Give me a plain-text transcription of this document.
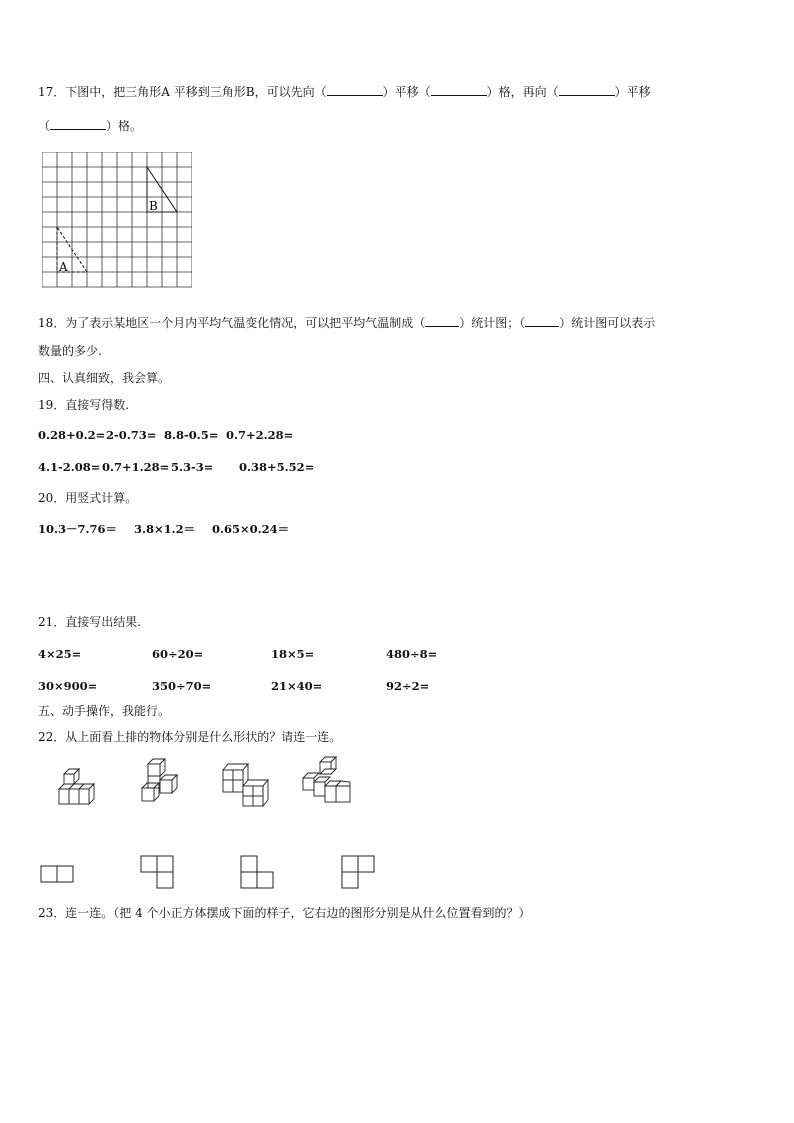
17．下图中，把三角形A 平移到三角形B，可以先向（	）平移（	）格，再向（	）平移
（	）格。
B
A
18．为了表示某地区一个月内平均气温变化情况，可以把平均气温制成（	）统计图；（	）统计图可以表示
数量的多少.
四、认真细致，我会算。
19．直接写得数.
0.28+0.2= 2-0.73= 8.8-0.5= 0.7+2.28=
4.1-2.08= 0.7+1.28= 5.3-3= 0.38+5.52=
20．用竖式计算。
10.3－7.76＝ 3.8×1.2＝ 0.65×0.24＝
21．直接写出结果.
4×25=	60÷20=	18×5=	480÷8=
30×900=	350÷70=	21×40=	92÷2=
五、动手操作，我能行。
22．从上面看上排的物体分别是什么形状的？请连一连。
23．连一连。（把 4 个小正方体摆成下面的样子，它右边的图形分别是从什么位置看到的？）
